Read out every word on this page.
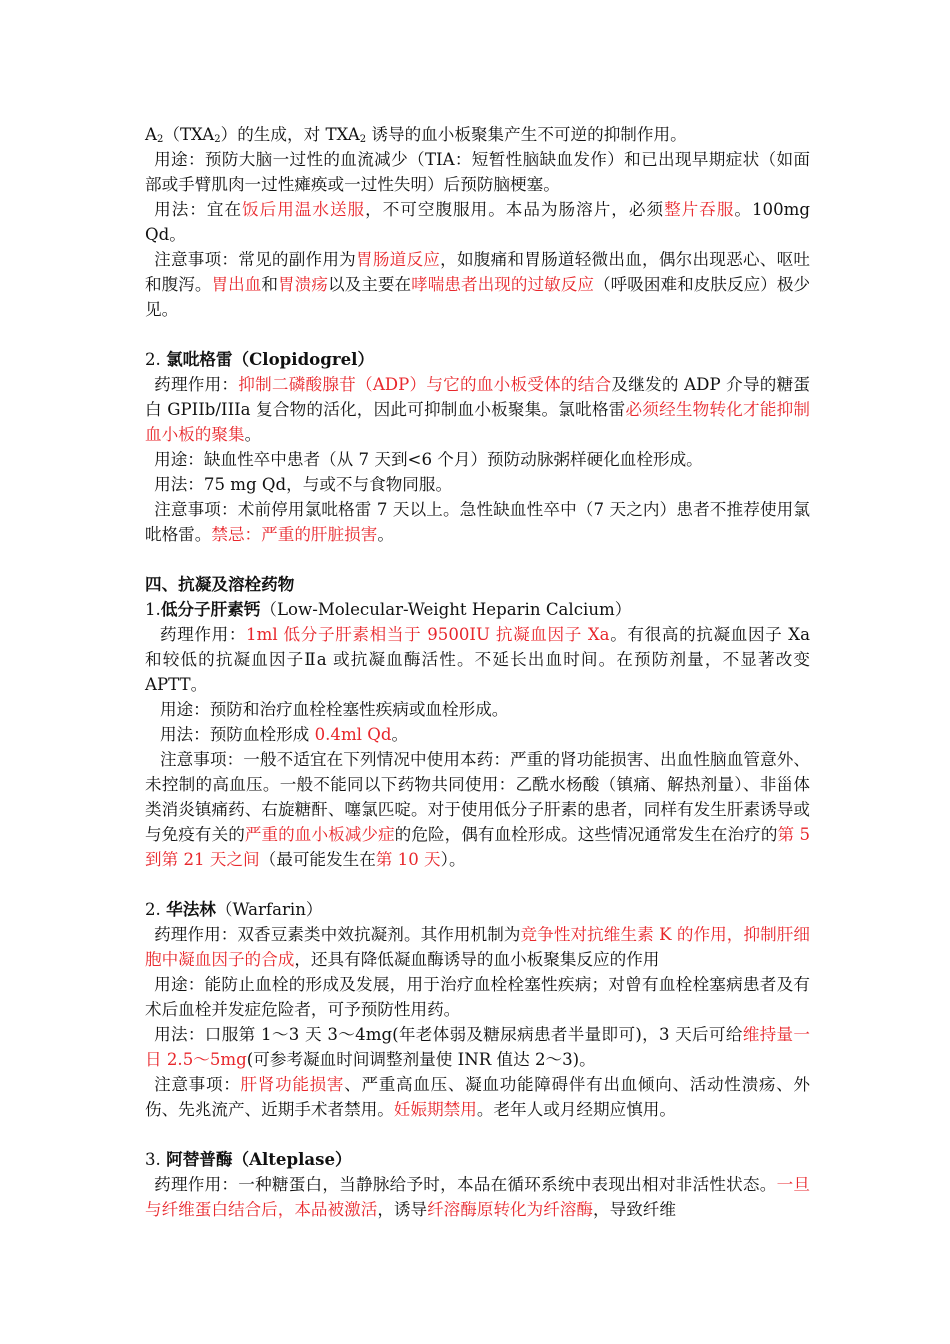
$A_2(TXA_2)$的生成，对 $TXA_2$ 诱导的血小板聚集产生不可逆的抑制作用。

用途：预防大脑一过性的血流减少（TIA：短暂性脑缺血发作）和已出现早期症状（如面部或手臂肌肉一过性瘫痪或一过性失明）后预防脑梗塞。

用法：宜在饭后用温水送服，不可空腹服用。本品为肠溶片，必须整片吞服。100mg Qd。

注意事项：常见的副作用为胃肠道反应，如腹痛和胃肠道轻微出血，偶尔出现恶心、呕吐和腹泻。胃出血和胃溃疡以及主要在哮喘患者出现的过敏反应（呼吸困难和皮肤反应）极少见。

2. 氯吡格雷（Clopidogrel）

药理作用：抑制二磷酸腺苷（ADP）与它的血小板受体的结合及继发的 ADP 介导的糖蛋白 GPIIb/IIIa 复合物的活化，因此可抑制血小板聚集。氯吡格雷必须经生物转化才能抑制血小板的聚集。

用途：缺血性卒中患者（从 7 天到<6 个月）预防动脉粥样硬化血栓形成。

用法：75 mg Qd，与或不与食物同服。

注意事项：术前停用氯吡格雷 7 天以上。急性缺血性卒中（7 天之内）患者不推荐使用氯吡格雷。禁忌：严重的肝脏损害。

四、抗凝及溶栓药物

1.低分子肝素钙（Low-Molecular-Weight Heparin Calcium）

药理作用：1ml 低分子肝素相当于 9500IU 抗凝血因子 Xa。有很高的抗凝血因子 Xa 和较低的抗凝血因子Ⅱa 或抗凝血酶活性。不延长出血时间。在预防剂量，不显著改变 APTT。

用途：预防和治疗血栓栓塞性疾病或血栓形成。

用法：预防血栓形成 0.4ml Qd。

注意事项：一般不适宜在下列情况中使用本药：严重的肾功能损害、出血性脑血管意外、未控制的高血压。一般不能同以下药物共同使用：乙酰水杨酸（镇痛、解热剂量）、非甾体类消炎镇痛药、右旋糖酐、噻氯匹啶。对于使用低分子肝素的患者，同样有发生肝素诱导或与免疫有关的严重的血小板减少症的危险，偶有血栓形成。这些情况通常发生在治疗的第 5 到第 21 天之间（最可能发生在第 10 天）。

2. 华法林（Warfarin）

药理作用：双香豆素类中效抗凝剂。其作用机制为竞争性对抗维生素 K 的作用，抑制肝细胞中凝血因子的合成，还具有降低凝血酶诱导的血小板聚集反应的作用

用途：能防止血栓的形成及发展，用于治疗血栓栓塞性疾病；对曾有血栓栓塞病患者及有术后血栓并发症危险者，可予预防性用药。

用法：口服第 1～3 天 3～4mg(年老体弱及糖尿病患者半量即可)，3 天后可给维持量一日 2.5～5mg(可参考凝血时间调整剂量使 INR 值达 2～3)。

注意事项：肝肾功能损害、严重高血压、凝血功能障碍伴有出血倾向、活动性溃疡、外伤、先兆流产、近期手术者禁用。妊娠期禁用。老年人或月经期应慎用。

3. 阿替普酶（Alteplase）

药理作用：一种糖蛋白，当静脉给予时，本品在循环系统中表现出相对非活性状态。一旦与纤维蛋白结合后，本品被激活，诱导纤溶酶原转化为纤溶酶，导致纤维
